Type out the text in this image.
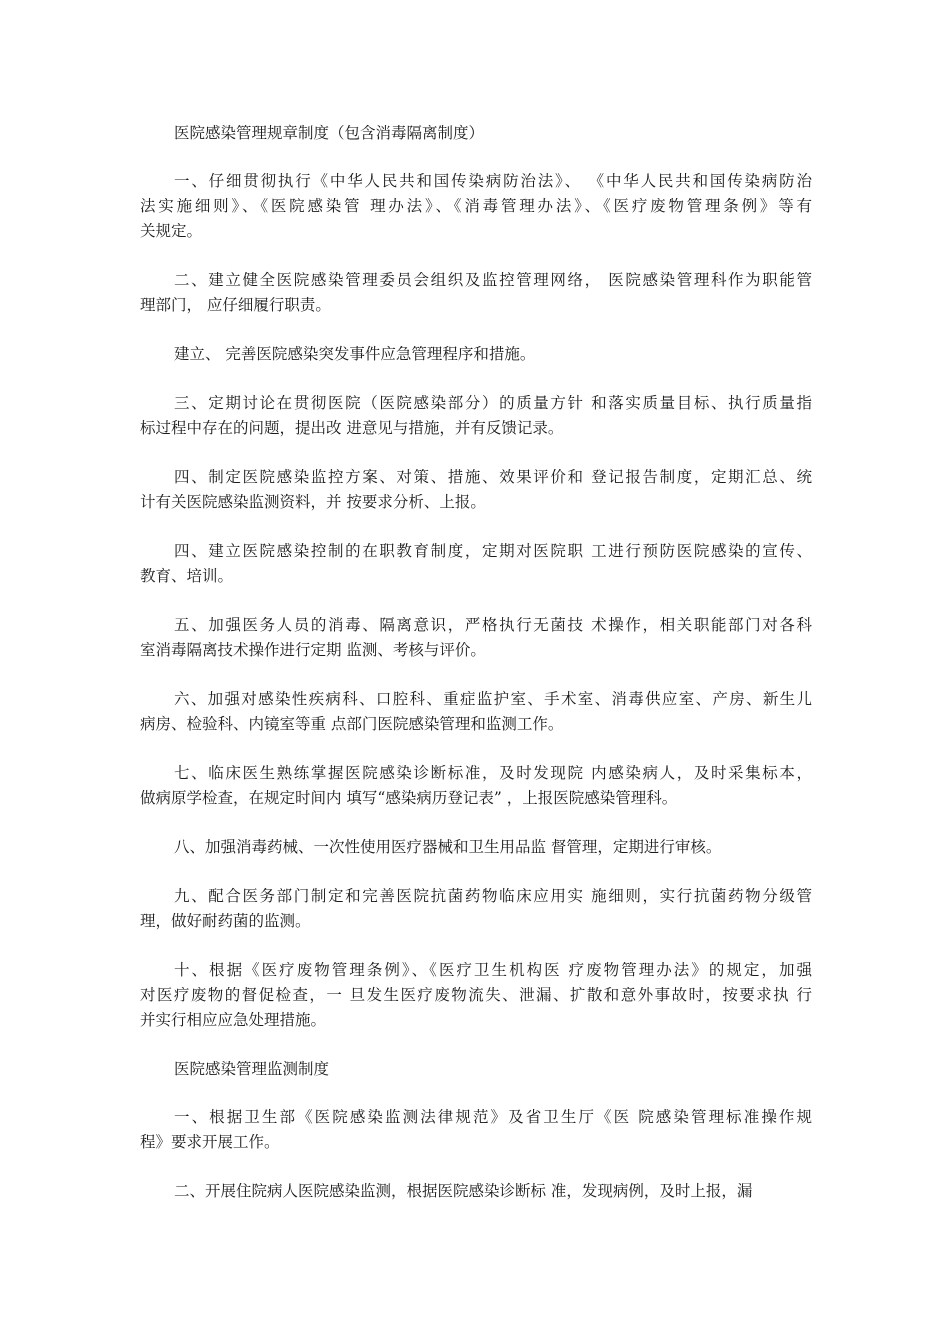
医院感染管理规章制度（包含消毒隔离制度）
一、仔细贯彻执行《中华人民共和国传染病防治法》、 《中华人民共和国传染病防治
法实施细则》、《医院感染管 理办法》、《消毒管理办法》、《医疗废物管理条例》等有
关规定。
二、建立健全医院感染管理委员会组织及监控管理网络， 医院感染管理科作为职能管
理部门， 应仔细履行职责。
建立、 完善医院感染突发事件应急管理程序和措施。
三、定期讨论在贯彻医院（医院感染部分）的质量方针 和落实质量目标、执行质量指
标过程中存在的问题，提出改 进意见与措施，并有反馈记录。
四、制定医院感染监控方案、对策、措施、效果评价和 登记报告制度，定期汇总、统
计有关医院感染监测资料，并 按要求分析、上报。
四、建立医院感染控制的在职教育制度，定期对医院职 工进行预防医院感染的宣传、
教育、培训。
五、加强医务人员的消毒、隔离意识，严格执行无菌技 术操作，相关职能部门对各科
室消毒隔离技术操作进行定期 监测、考核与评价。
六、加强对感染性疾病科、口腔科、重症监护室、手术室、消毒供应室、产房、新生儿
病房、检验科、内镜室等重 点部门医院感染管理和监测工作。
七、临床医生熟练掌握医院感染诊断标准，及时发现院 内感染病人，及时采集标本，
做病原学检查，在规定时间内 填写“感染病历登记表” ，上报医院感染管理科。
八、加强消毒药械、一次性使用医疗器械和卫生用品监 督管理，定期进行审核。
九、配合医务部门制定和完善医院抗菌药物临床应用实 施细则，实行抗菌药物分级管
理，做好耐药菌的监测。
十、根据《医疗废物管理条例》、《医疗卫生机构医 疗废物管理办法》的规定，加强
对医疗废物的督促检查，一 旦发生医疗废物流失、泄漏、扩散和意外事故时，按要求执 行
并实行相应应急处理措施。
医院感染管理监测制度
一、根据卫生部《医院感染监测法律规范》及省卫生厅《医 院感染管理标准操作规
程》要求开展工作。
二、开展住院病人医院感染监测，根据医院感染诊断标 准，发现病例，及时上报，漏
